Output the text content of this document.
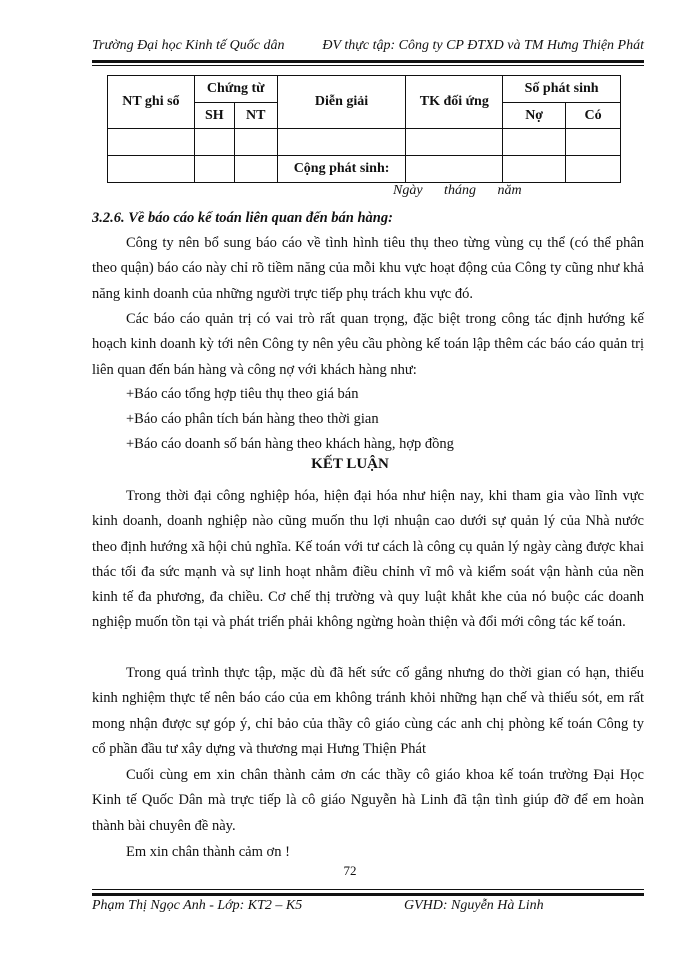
Trường Đại học Kinh tế Quốc dân	ĐV thực tập: Công ty CP ĐTXD và TM Hưng Thiện Phát
NT ghi sổ	Chứng từ		Diễn giải	TK đối ứng	Số phát sinh	
	SH	NT			Nợ	Có

			Cộng phát sinh:			
Ngày tháng năm
3.2.6. Về báo cáo kế toán liên quan đến bán hàng:
Công ty nên bổ sung báo cáo về tình hình tiêu thụ theo từng vùng cụ thể (có thể phân theo quận) báo cáo này chỉ rõ tiềm năng của mỗi khu vực hoạt động của Công ty cũng như khả năng kinh doanh của những người trực tiếp phụ trách khu vực đó.
Các báo cáo quản trị có vai trò rất quan trọng, đặc biệt trong công tác định hướng kế hoạch kinh doanh kỳ tới nên Công ty nên yêu cầu phòng kế toán lập thêm các báo cáo quản trị liên quan đến bán hàng và công nợ với khách hàng như:
+Báo cáo tổng hợp tiêu thụ theo giá bán
+Báo cáo phân tích bán hàng theo thời gian
+Báo cáo doanh số bán hàng theo khách hàng, hợp đồng
KẾT LUẬN
Trong thời đại công nghiệp hóa, hiện đại hóa như hiện nay, khi tham gia vào lĩnh vực kinh doanh, doanh nghiệp nào cũng muốn thu lợi nhuận cao dưới sự quản lý của Nhà nước theo định hướng xã hội chủ nghĩa. Kế toán với tư cách là công cụ quản lý ngày càng được khai thác tối đa sức mạnh và sự linh hoạt nhằm điều chỉnh vĩ mô và kiểm soát vận hành của nền kinh tế đa phương, đa chiều. Cơ chế thị trường và quy luật khắt khe của nó buộc các doanh nghiệp muốn tồn tại và phát triển phải không ngừng hoàn thiện và đổi mới công tác kế toán.
Trong quá trình thực tập, mặc dù đã hết sức cố gắng nhưng do thời gian có hạn, thiếu kinh nghiệm thực tế nên báo cáo của em không tránh khỏi những hạn chế và thiếu sót, em rất mong nhận được sự góp ý, chỉ bảo của thầy cô giáo cùng các anh chị phòng kế toán Công ty cổ phần đầu tư xây dựng và thương mại Hưng Thiện Phát
Cuối cùng em xin chân thành cảm ơn các thầy cô giáo khoa kế toán trường Đại Học Kinh tế Quốc Dân mà trực tiếp là cô giáo Nguyễn hà Linh đã tận tình giúp đỡ để em hoàn thành bài chuyên đề này.
Em xin chân thành cảm ơn !
72
Phạm Thị Ngọc Anh - Lớp: KT2 – K5	GVHD: Nguyễn Hà Linh
